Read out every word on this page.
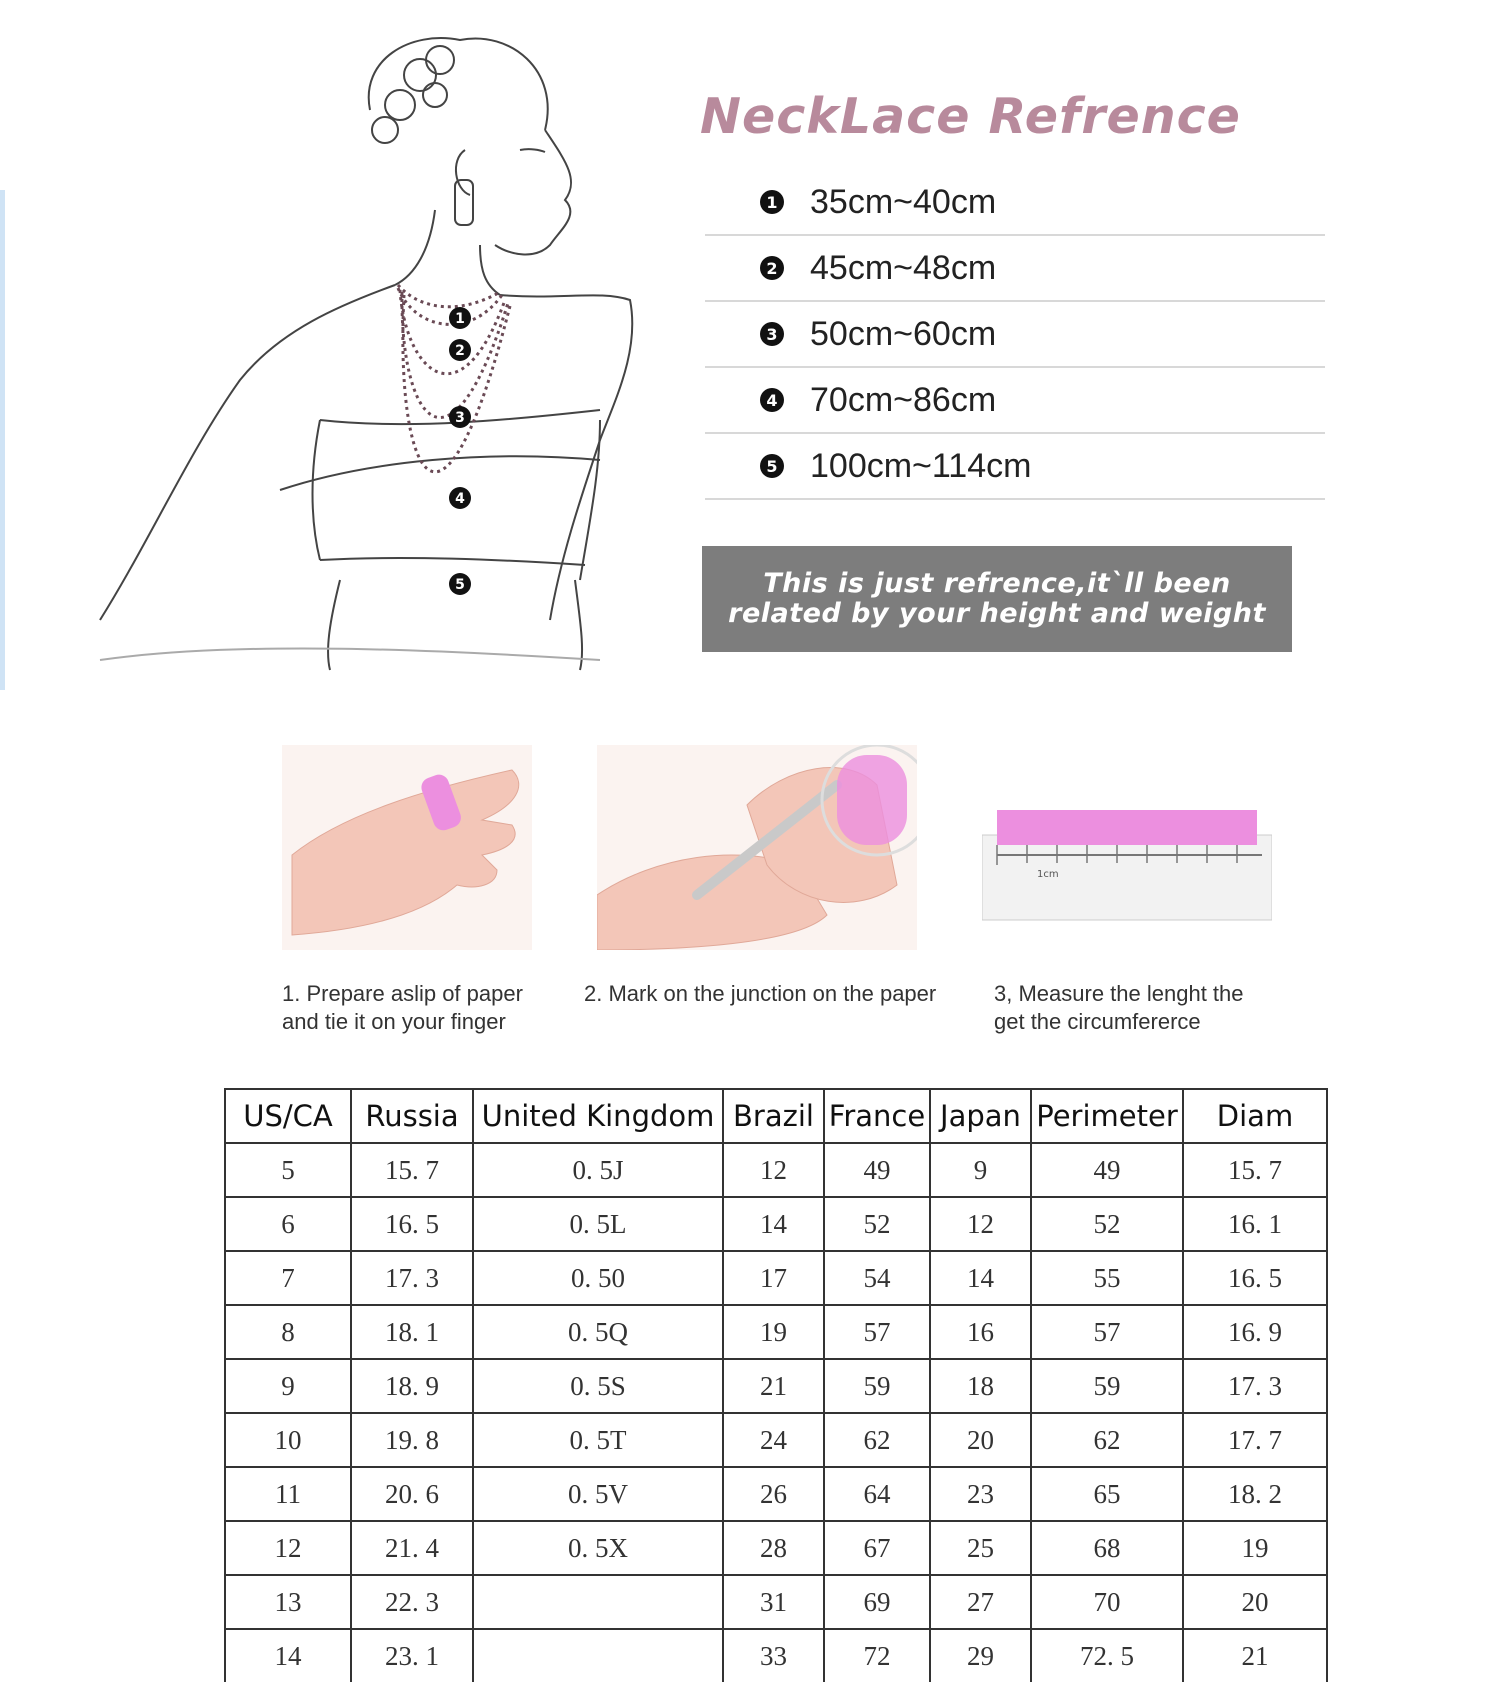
1
2
3
4
5
NeckLace Refrence
1 35cm~40cm
2 45cm~48cm
3 50cm~60cm
4 70cm~86cm
5 100cm~114cm
This is just refrence,it`ll been
related by your height and weight
1cm
1. Prepare aslip of paper
and tie it on your finger
2. Mark on the junction on the paper	3, Measure the lenght the
get the circumfererce
US/CA	Russia	United Kingdom	Brazil	France	Japan	Perimeter	Diam
5	15. 7	0. 5J	12	49	9	49	15. 7
6	16. 5	0. 5L	14	52	12	52	16. 1
7	17. 3	0. 50	17	54	14	55	16. 5
8	18. 1	0. 5Q	19	57	16	57	16. 9
9	18. 9	0. 5S	21	59	18	59	17. 3
10	19. 8	0. 5T	24	62	20	62	17. 7
11	20. 6	0. 5V	26	64	23	65	18. 2
12	21. 4	0. 5X	28	67	25	68	19
13	22. 3		31	69	27	70	20
14	23. 1		33	72	29	72. 5	21
